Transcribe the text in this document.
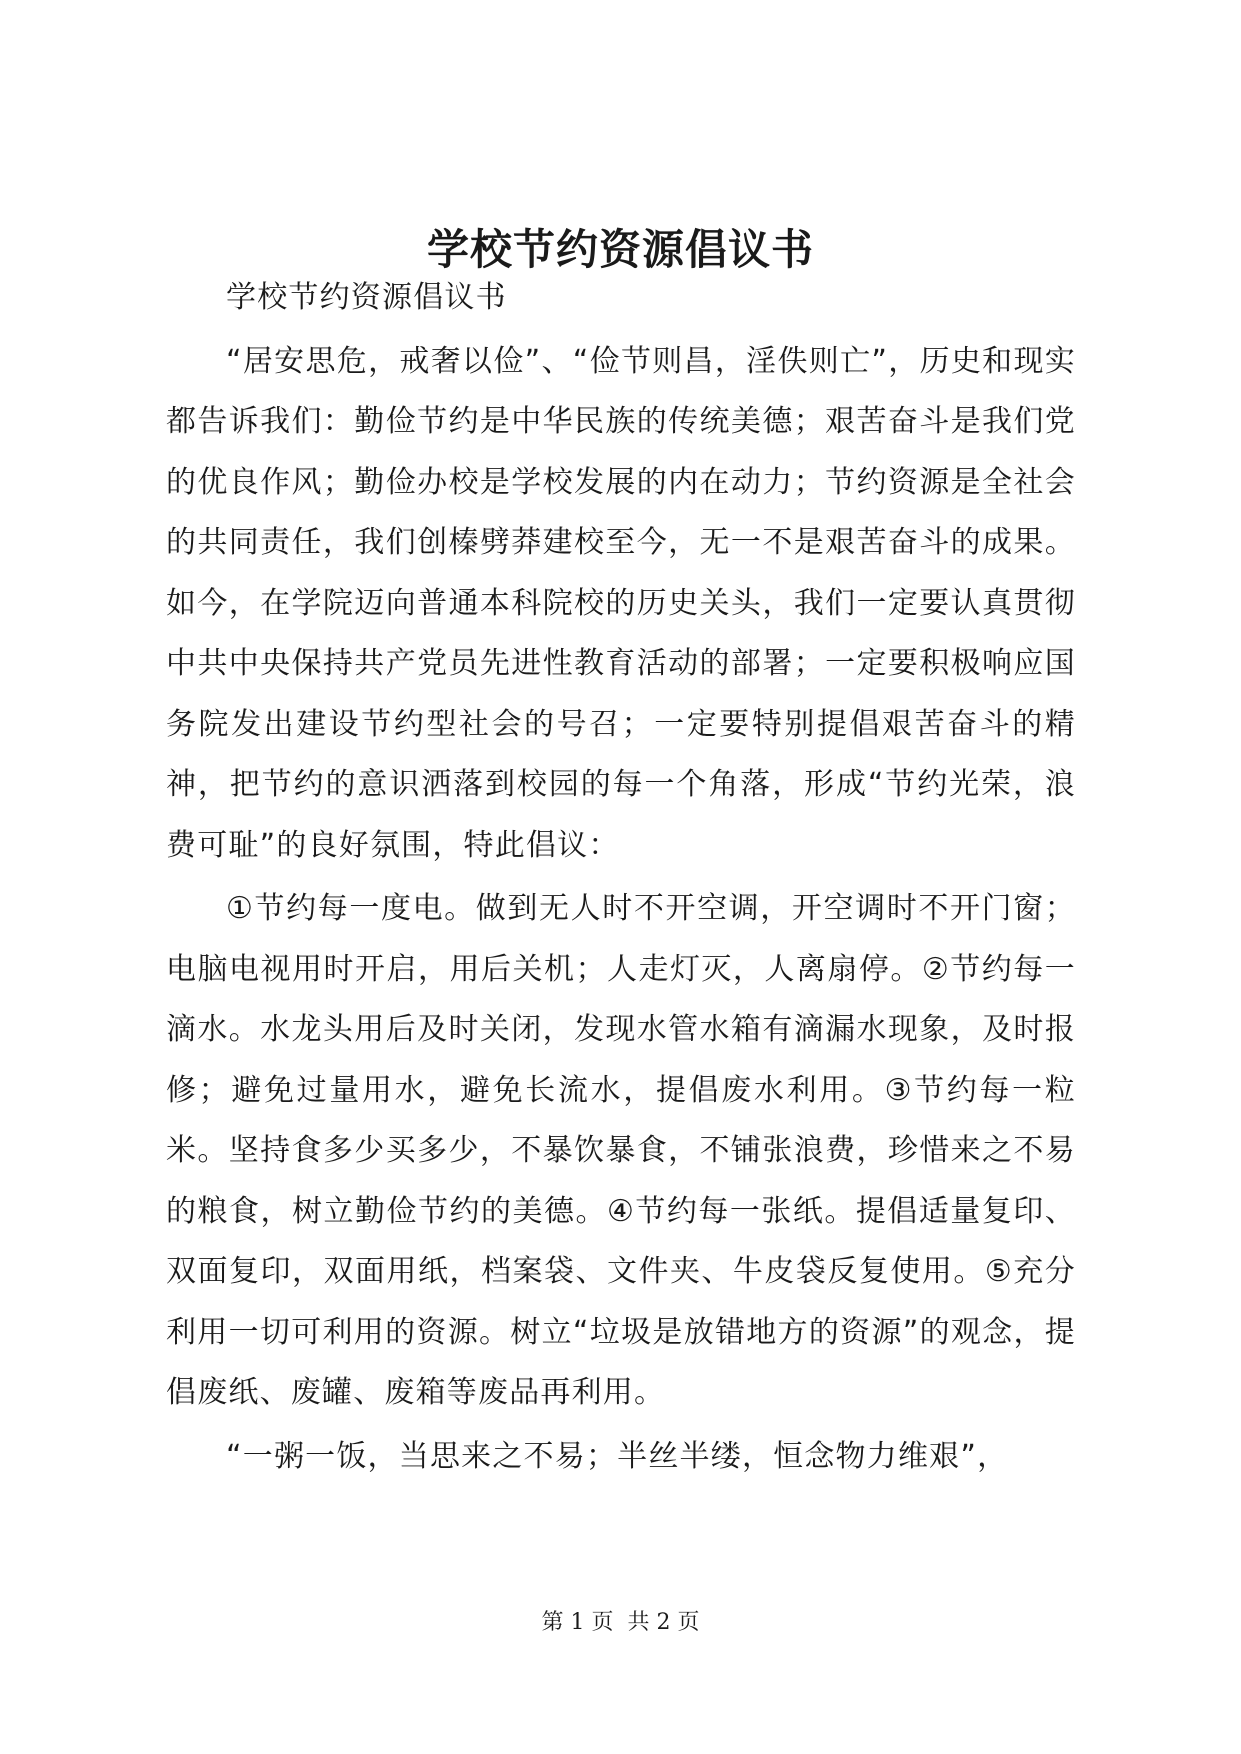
学校节约资源倡议书

学校节约资源倡议书

“居安思危，戒奢以俭”、“俭节则昌，淫佚则亡”，历史和现实都告诉我们：勤俭节约是中华民族的传统美德；艰苦奋斗是我们党的优良作风；勤俭办校是学校发展的内在动力；节约资源是全社会的共同责任，我们创榛劈莽建校至今，无一不是艰苦奋斗的成果。如今，在学院迈向普通本科院校的历史关头，我们一定要认真贯彻中共中央保持共产党员先进性教育活动的部署；一定要积极响应国务院发出建设节约型社会的号召；一定要特别提倡艰苦奋斗的精神，把节约的意识洒落到校园的每一个角落，形成“节约光荣，浪费可耻”的良好氛围，特此倡议：

①节约每一度电。做到无人时不开空调，开空调时不开门窗；电脑电视用时开启，用后关机；人走灯灭，人离扇停。②节约每一滴水。水龙头用后及时关闭，发现水管水箱有滴漏水现象，及时报修；避免过量用水，避免长流水，提倡废水利用。③节约每一粒米。坚持食多少买多少，不暴饮暴食，不铺张浪费，珍惜来之不易的粮食，树立勤俭节约的美德。④节约每一张纸。提倡适量复印、双面复印，双面用纸，档案袋、文件夹、牛皮袋反复使用。⑤充分利用一切可利用的资源。树立“垃圾是放错地方的资源”的观念，提倡废纸、废罐、废箱等废品再利用。

“一粥一饭，当思来之不易；半丝半缕，恒念物力维艰”，

第 1 页  共 2 页
